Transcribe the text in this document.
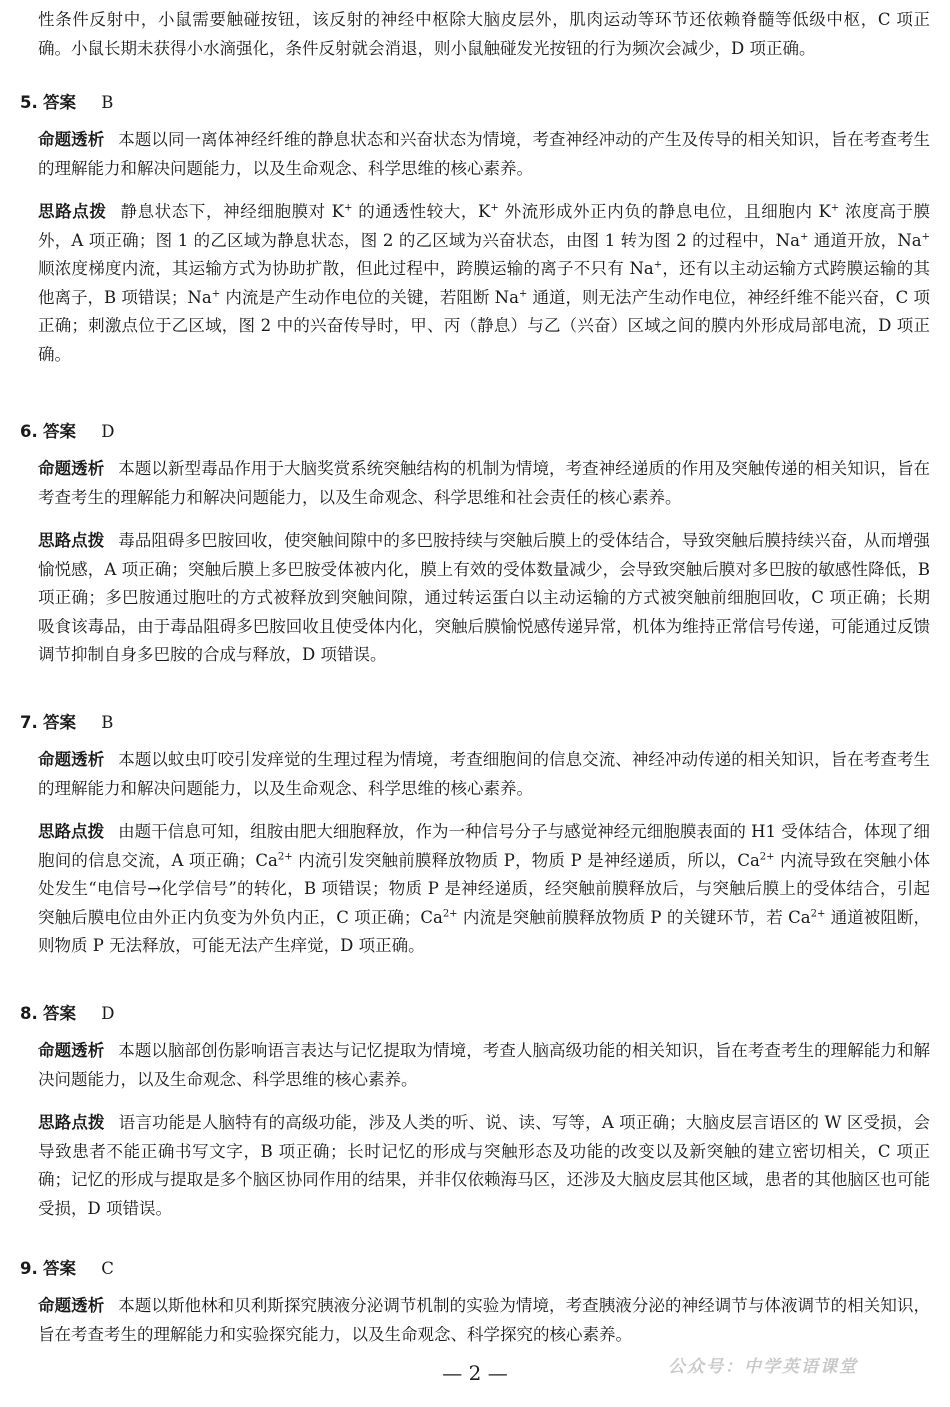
性条件反射中，小鼠需要触碰按钮，该反射的神经中枢除大脑皮层外，肌肉运动等环节还依赖脊髓等低级中枢，C 项正确。小鼠长期未获得小水滴强化，条件反射就会消退，则小鼠触碰发光按钮的行为频次会减少，D 项正确。

5. 答案 B

命题透析 本题以同一离体神经纤维的静息状态和兴奋状态为情境，考查神经冲动的产生及传导的相关知识，旨在考查考生的理解能力和解决问题能力，以及生命观念、科学思维的核心素养。

思路点拨 静息状态下，神经细胞膜对 K+ 的通透性较大，K+ 外流形成外正内负的静息电位，且细胞内 K+ 浓度高于膜外，A 项正确；图 1 的乙区域为静息状态，图 2 的乙区域为兴奋状态，由图 1 转为图 2 的过程中，Na+ 通道开放，Na+ 顺浓度梯度内流，其运输方式为协助扩散，但此过程中，跨膜运输的离子不只有 Na+，还有以主动运输方式跨膜运输的其他离子，B 项错误；Na+ 内流是产生动作电位的关键，若阻断 Na+ 通道，则无法产生动作电位，神经纤维不能兴奋，C 项正确；刺激点位于乙区域，图 2 中的兴奋传导时，甲、丙（静息）与乙（兴奋）区域之间的膜内外形成局部电流，D 项正确。

6. 答案 D

命题透析 本题以新型毒品作用于大脑奖赏系统突触结构的机制为情境，考查神经递质的作用及突触传递的相关知识，旨在考查考生的理解能力和解决问题能力，以及生命观念、科学思维和社会责任的核心素养。

思路点拨 毒品阻碍多巴胺回收，使突触间隙中的多巴胺持续与突触后膜上的受体结合，导致突触后膜持续兴奋，从而增强愉悦感，A 项正确；突触后膜上多巴胺受体被内化，膜上有效的受体数量减少，会导致突触后膜对多巴胺的敏感性降低，B 项正确；多巴胺通过胞吐的方式被释放到突触间隙，通过转运蛋白以主动运输的方式被突触前细胞回收，C 项正确；长期吸食该毒品，由于毒品阻碍多巴胺回收且使受体内化，突触后膜愉悦感传递异常，机体为维持正常信号传递，可能通过反馈调节抑制自身多巴胺的合成与释放，D 项错误。

7. 答案 B

命题透析 本题以蚊虫叮咬引发痒觉的生理过程为情境，考查细胞间的信息交流、神经冲动传递的相关知识，旨在考查考生的理解能力和解决问题能力，以及生命观念、科学思维的核心素养。

思路点拨 由题干信息可知，组胺由肥大细胞释放，作为一种信号分子与感觉神经元细胞膜表面的 H1 受体结合，体现了细胞间的信息交流，A 项正确；$Ca^{2+}$ 内流引发突触前膜释放物质 P，物质 P 是神经递质，所以，$Ca^{2+}$ 内流导致在突触小体处发生“电信号→化学信号”的转化，B 项错误；物质 P 是神经递质，经突触前膜释放后，与突触后膜上的受体结合，引起突触后膜电位由外正内负变为外负内正，C 项正确；$Ca^{2+}$ 内流是突触前膜释放物质 P 的关键环节，若 $Ca^{2+}$ 通道被阻断，则物质 P 无法释放，可能无法产生痒觉，D 项正确。

8. 答案 D

命题透析 本题以脑部创伤影响语言表达与记忆提取为情境，考查人脑高级功能的相关知识，旨在考查考生的理解能力和解决问题能力，以及生命观念、科学思维的核心素养。

思路点拨 语言功能是人脑特有的高级功能，涉及人类的听、说、读、写等，A 项正确；大脑皮层言语区的 W 区受损，会导致患者不能正确书写文字，B 项正确；长时记忆的形成与突触形态及功能的改变以及新突触的建立密切相关，C 项正确；记忆的形成与提取是多个脑区协同作用的结果，并非仅依赖海马区，还涉及大脑皮层其他区域，患者的其他脑区也可能受损，D 项错误。

9. 答案 C

命题透析 本题以斯他林和贝利斯探究胰液分泌调节机制的实验为情境，考查胰液分泌的神经调节与体液调节的相关知识，旨在考查考生的理解能力和实验探究能力，以及生命观念、科学探究的核心素养。

— 2 —	公众号：中学英语课堂
